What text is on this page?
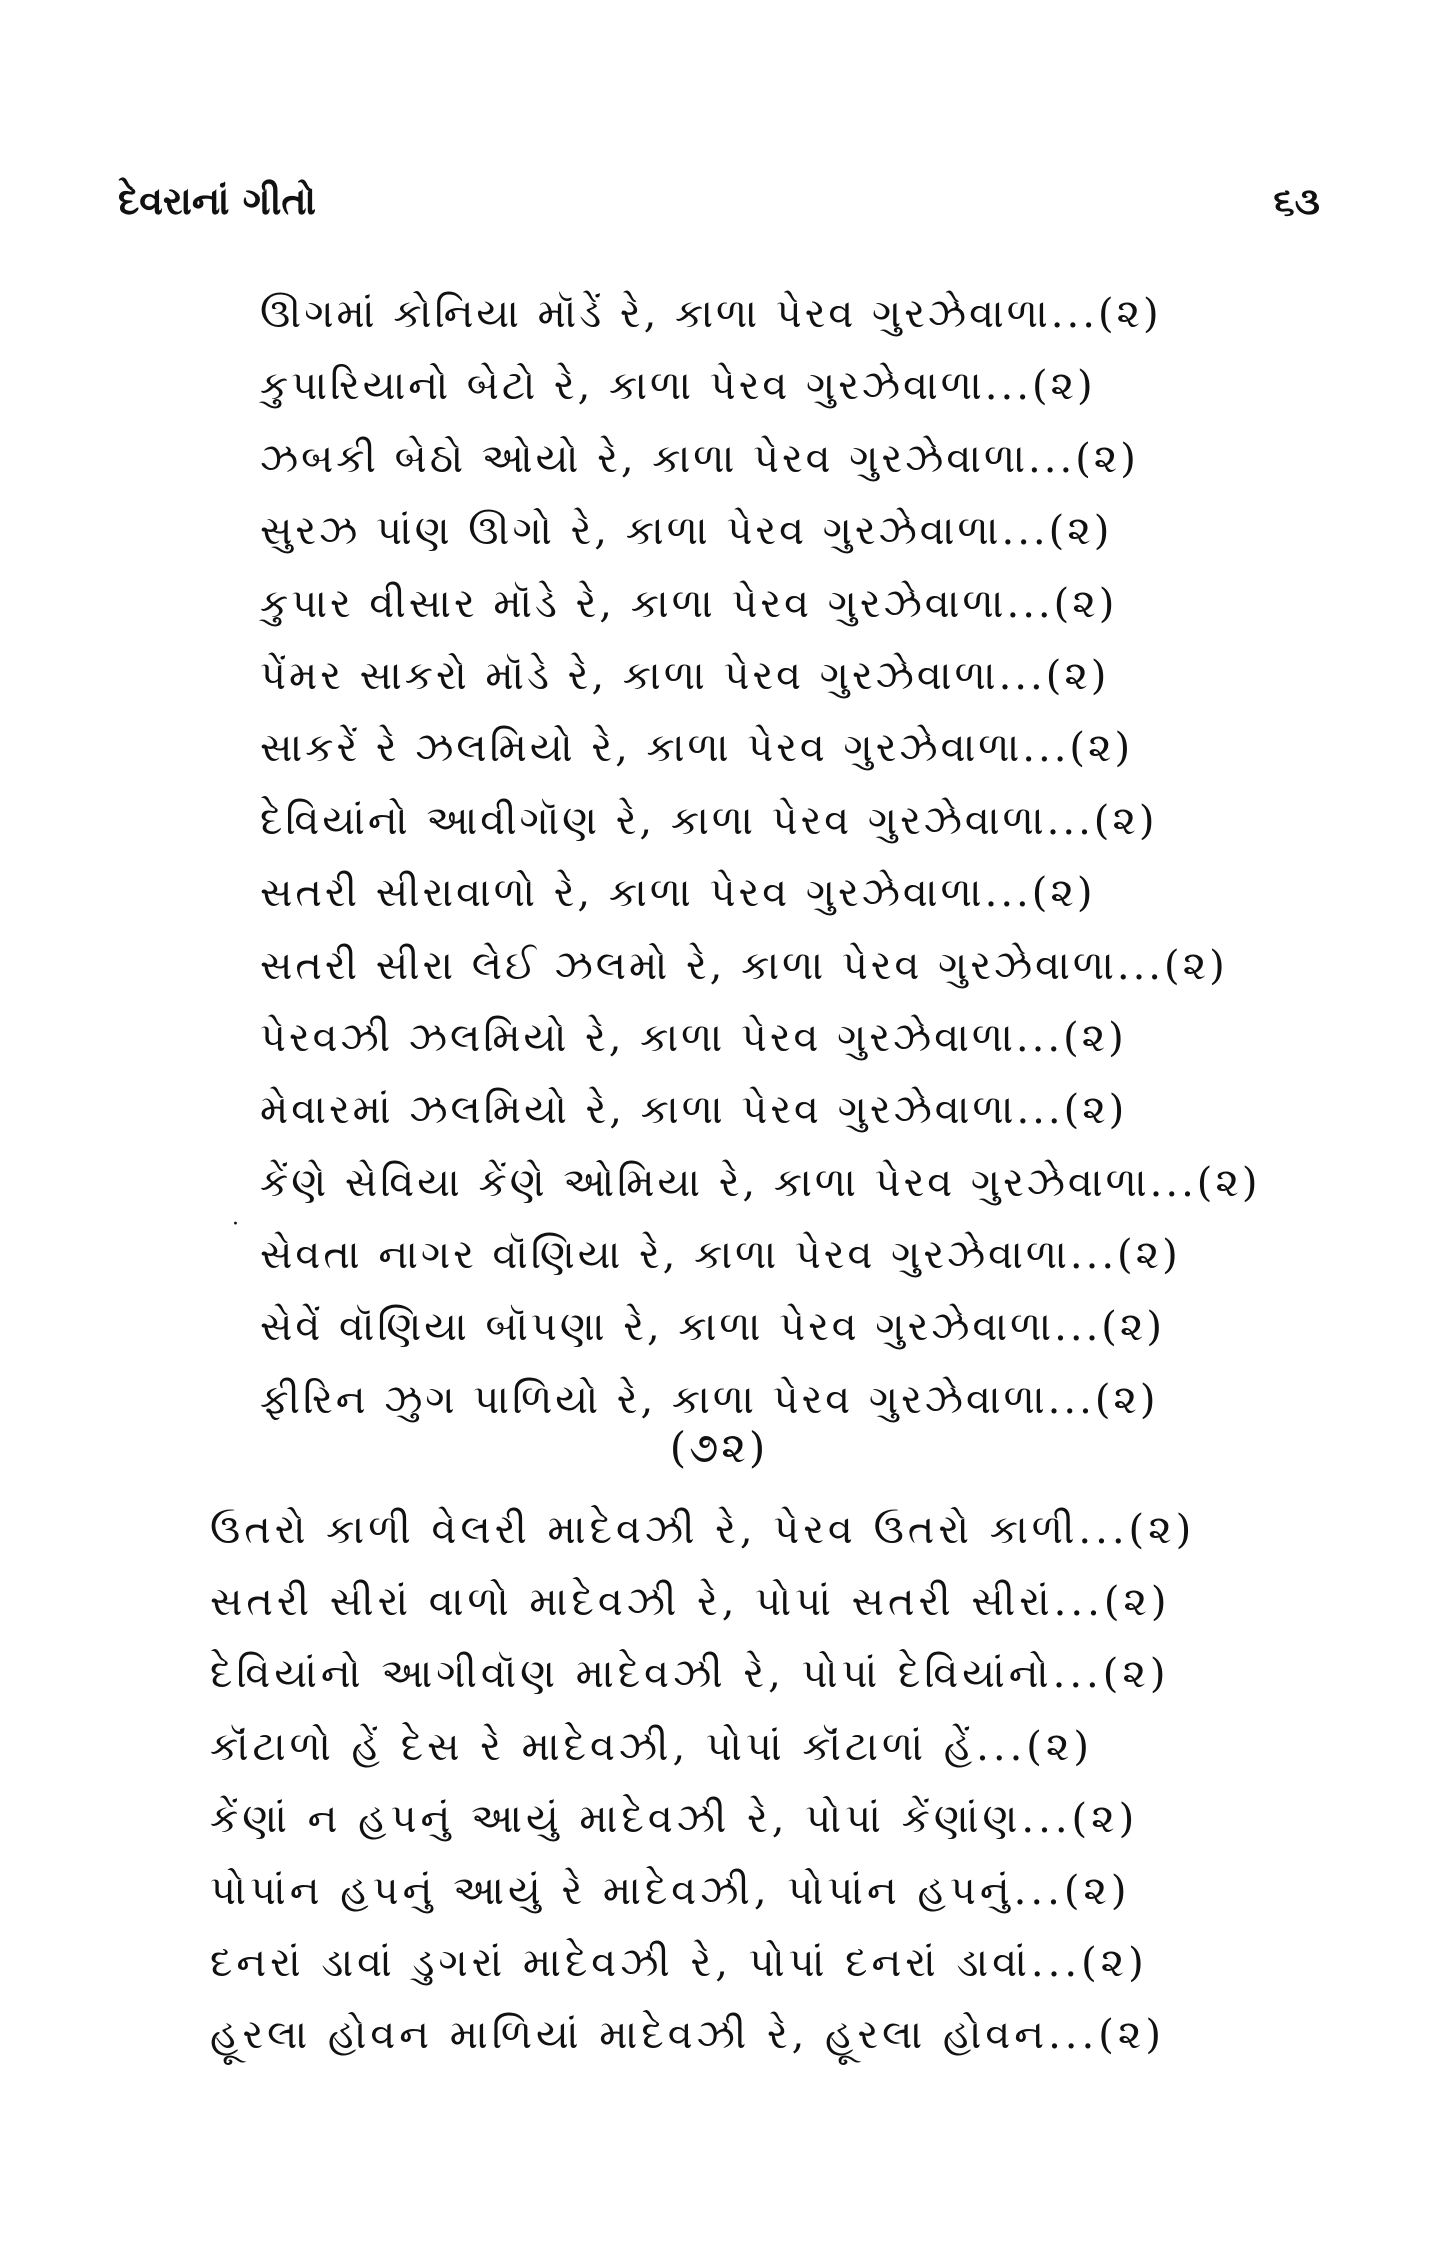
દેવરાનાં ગીતો	૬૩
ઊગમાં કોનિયા મૉડેં રે, કાળા પેરવ ગુરઝેવાળા...(૨)
કુપારિયાનો બેટો રે, કાળા પેરવ ગુરઝેવાળા...(૨)
ઝબકી બેઠો ઓયો રે, કાળા પેરવ ગુરઝેવાળા...(૨)
સુરઝ પાંણ ઊગો રે, કાળા પેરવ ગુરઝેવાળા...(૨)
કુપાર વીસાર મૉડે રે, કાળા પેરવ ગુરઝેવાળા...(૨)
પેંમર સાકરો મૉડે રે, કાળા પેરવ ગુરઝેવાળા...(૨)
સાકરેં રે ઝલમિયો રે, કાળા પેરવ ગુરઝેવાળા...(૨)
દેવિયાંનો આવીગૉણ રે, કાળા પેરવ ગુરઝેવાળા...(૨)
સતરી સીરાવાળો રે, કાળા પેરવ ગુરઝેવાળા...(૨)
સતરી સીરા લેઈ ઝલમો રે, કાળા પેરવ ગુરઝેવાળા...(૨)
પેરવઝી ઝલમિયો રે, કાળા પેરવ ગુરઝેવાળા...(૨)
મેવારમાં ઝલમિયો રે, કાળા પેરવ ગુરઝેવાળા...(૨)
કેંણે સેવિયા કેંણે ઓમિયા રે, કાળા પેરવ ગુરઝેવાળા...(૨)
સેવતા નાગર વૉણિયા રે, કાળા પેરવ ગુરઝેવાળા...(૨)
સેવેં વૉણિયા બૉપણા રે, કાળા પેરવ ગુરઝેવાળા...(૨)
ફીરિન ઝુગ પાળિયો રે, કાળા પેરવ ગુરઝેવાળા...(૨)
·
(૭૨)
ઉતરો કાળી વેલરી માદેવઝી રે, પેરવ ઉતરો કાળી...(૨)
સતરી સીરાં વાળો માદેવઝી રે, પોપાં સતરી સીરાં...(૨)
દેવિયાંનો આગીવૉણ માદેવઝી રે, પોપાં દેવિયાંનો...(૨)
કૉંટાળો હેં દેસ રે માદેવઝી, પોપાં કૉંટાળાં હેં...(૨)
કેંણાં ન હપનું આયું માદેવઝી રે, પોપાં કેંણાંણ...(૨)
પોપાંન હપનું આયું રે માદેવઝી, પોપાંન હપનું...(૨)
દનરાં ડાવાં ડુગરાં માદેવઝી રે, પોપાં દનરાં ડાવાં...(૨)
હૂરલા હોવન માળિયાં માદેવઝી રે, હૂરલા હોવન...(૨)
